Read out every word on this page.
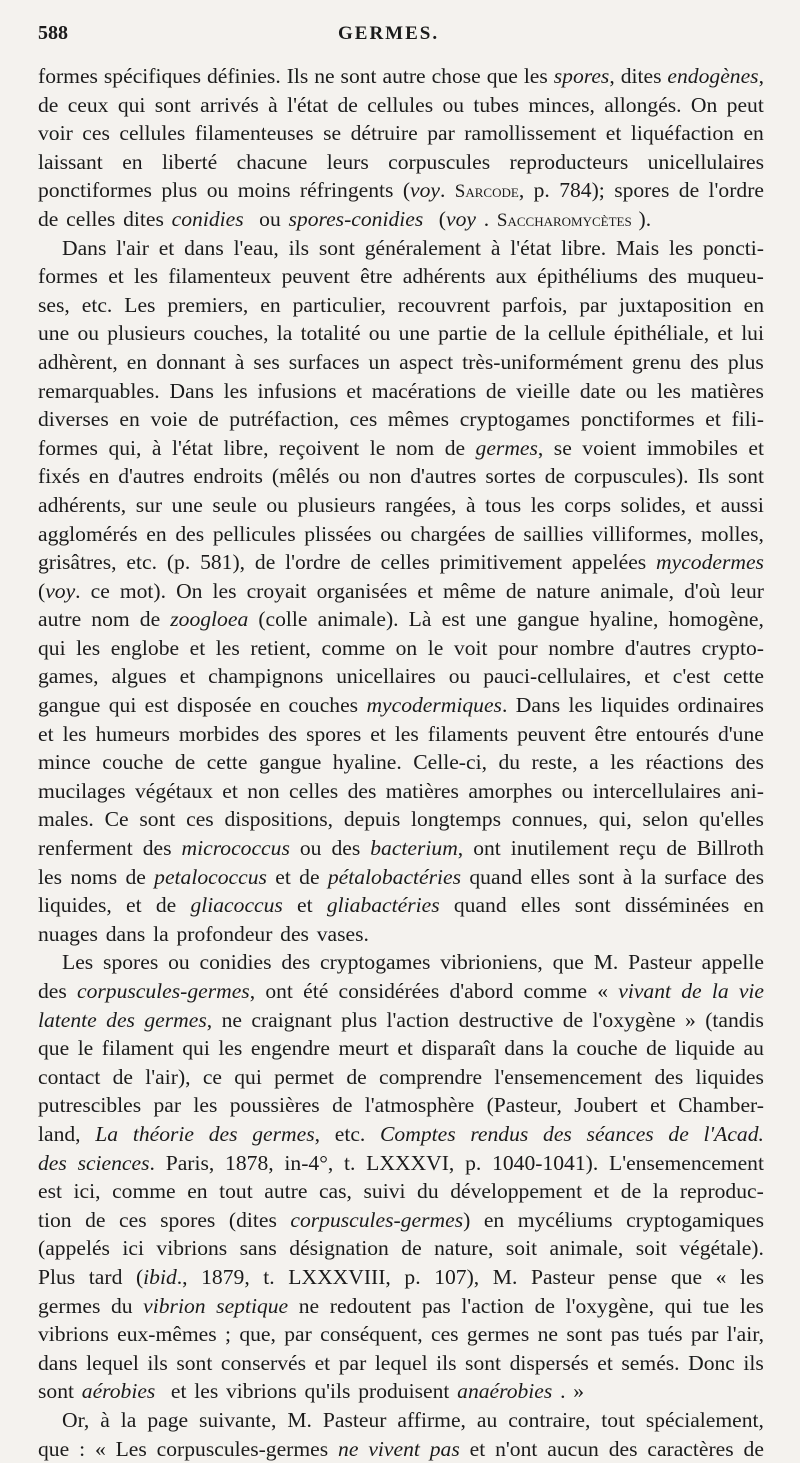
588	GERMES.
formes spécifiques définies. Ils ne sont autre chose que les spores, dites endogènes,
de ceux qui sont arrivés à l'état de cellules ou tubes minces, allongés. On peut
voir ces cellules filamenteuses se détruire par ramollissement et liquéfaction en
laissant en liberté chacune leurs corpuscules reproducteurs unicellulaires
ponctiformes plus ou moins réfringents (voy. Sarcode, p. 784); spores de l'ordre
de celles dites conidies ou spores-conidies (voy . Saccharomycètes ).
Dans l'air et dans l'eau, ils sont généralement à l'état libre. Mais les poncti-
formes et les filamenteux peuvent être adhérents aux épithéliums des muqueu-
ses, etc. Les premiers, en particulier, recouvrent parfois, par juxtaposition en
une ou plusieurs couches, la totalité ou une partie de la cellule épithéliale, et lui
adhèrent, en donnant à ses surfaces un aspect très-uniformément grenu des plus
remarquables. Dans les infusions et macérations de vieille date ou les matières
diverses en voie de putréfaction, ces mêmes cryptogames ponctiformes et fili-
formes qui, à l'état libre, reçoivent le nom de germes, se voient immobiles et
fixés en d'autres endroits (mêlés ou non d'autres sortes de corpuscules). Ils sont
adhérents, sur une seule ou plusieurs rangées, à tous les corps solides, et aussi
agglomérés en des pellicules plissées ou chargées de saillies villiformes, molles,
grisâtres, etc. (p. 581), de l'ordre de celles primitivement appelées mycodermes
(voy. ce mot). On les croyait organisées et même de nature animale, d'où leur
autre nom de zoogloea (colle animale). Là est une gangue hyaline, homogène,
qui les englobe et les retient, comme on le voit pour nombre d'autres crypto-
games, algues et champignons unicellaires ou pauci-cellulaires, et c'est cette
gangue qui est disposée en couches mycodermiques. Dans les liquides ordinaires
et les humeurs morbides des spores et les filaments peuvent être entourés d'une
mince couche de cette gangue hyaline. Celle-ci, du reste, a les réactions des
mucilages végétaux et non celles des matières amorphes ou intercellulaires ani-
males. Ce sont ces dispositions, depuis longtemps connues, qui, selon qu'elles
renferment des micrococcus ou des bacterium, ont inutilement reçu de Billroth
les noms de petalococcus et de pétalobactéries quand elles sont à la surface des
liquides, et de gliacoccus et gliabactéries quand elles sont disséminées en
nuages dans la profondeur des vases.
Les spores ou conidies des cryptogames vibrioniens, que M. Pasteur appelle
des corpuscules-germes, ont été considérées d'abord comme « vivant de la vie
latente des germes, ne craignant plus l'action destructive de l'oxygène » (tandis
que le filament qui les engendre meurt et disparaît dans la couche de liquide au
contact de l'air), ce qui permet de comprendre l'ensemencement des liquides
putrescibles par les poussières de l'atmosphère (Pasteur, Joubert et Chamber-
land, La théorie des germes, etc. Comptes rendus des séances de l'Acad.
des sciences. Paris, 1878, in-4°, t. LXXXVI, p. 1040-1041). L'ensemencement
est ici, comme en tout autre cas, suivi du développement et de la reproduc-
tion de ces spores (dites corpuscules-germes) en mycéliums cryptogamiques
(appelés ici vibrions sans désignation de nature, soit animale, soit végétale).
Plus tard (ibid., 1879, t. LXXXVIII, p. 107), M. Pasteur pense que « les
germes du vibrion septique ne redoutent pas l'action de l'oxygène, qui tue les
vibrions eux-mêmes ; que, par conséquent, ces germes ne sont pas tués par l'air,
dans lequel ils sont conservés et par lequel ils sont dispersés et semés. Donc ils
sont aérobies et les vibrions qu'ils produisent anaérobies . »
Or, à la page suivante, M. Pasteur affirme, au contraire, tout spécialement,
que : « Les corpuscules-germes ne vivent pas et n'ont aucun des caractères de
